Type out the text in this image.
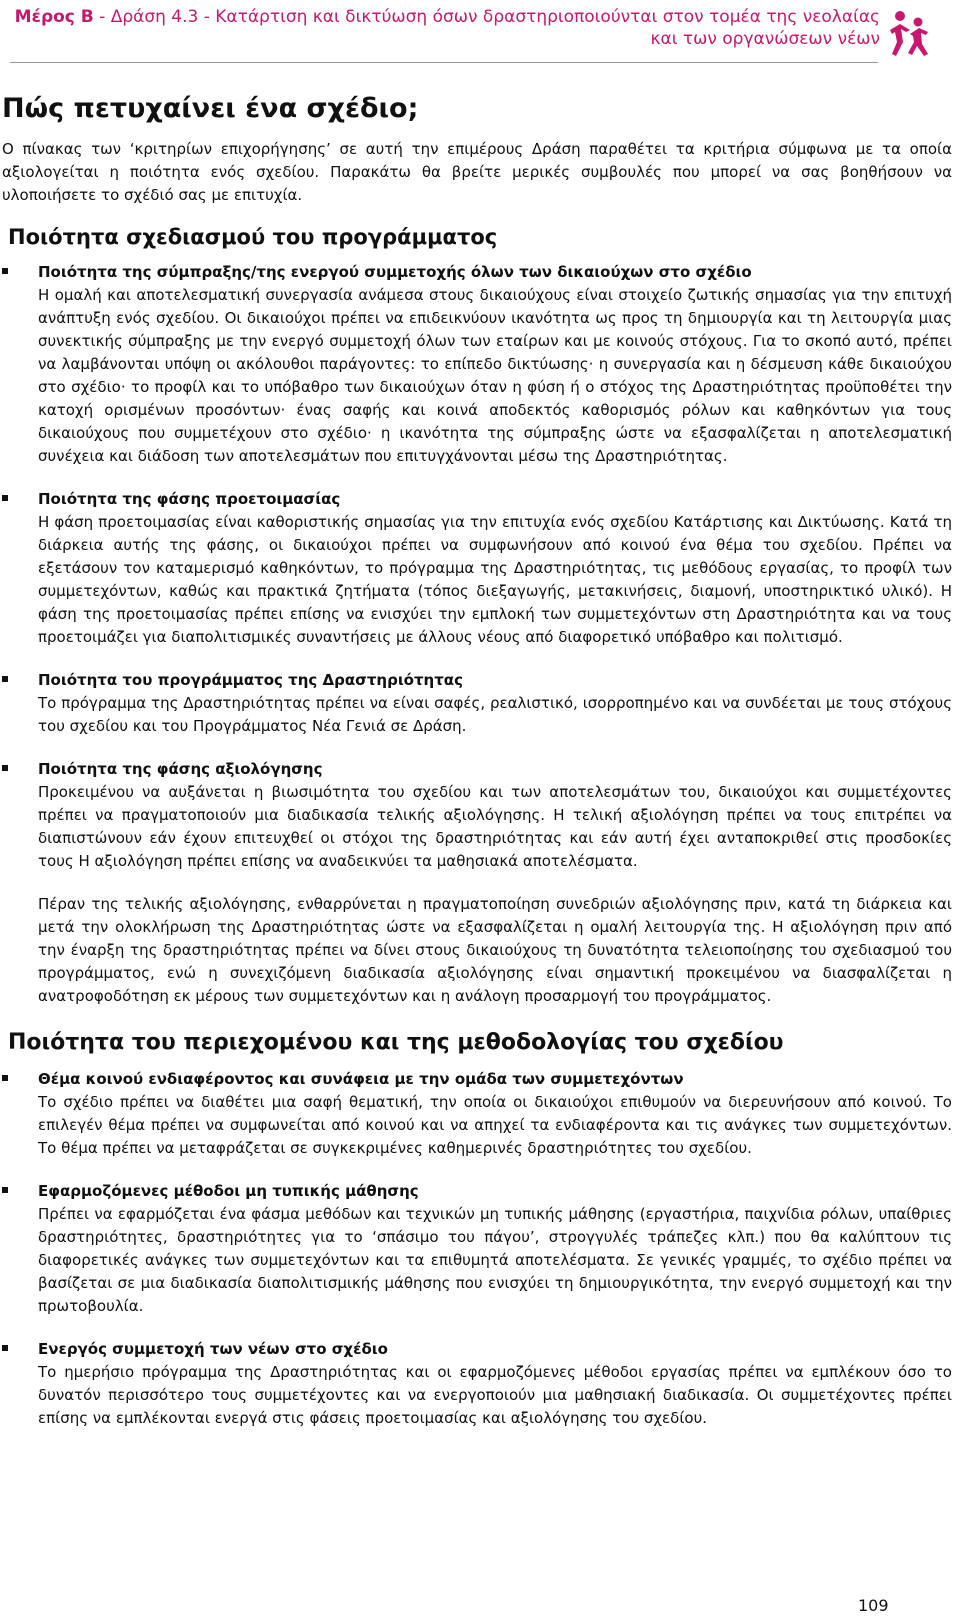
Μέρος Β - Δράση 4.3 - Κατάρτιση και δικτύωση όσων δραστηριοποιούνται στον τομέα της νεολαίας
και των οργανώσεων νέων
Πώς πετυχαίνει ένα σχέδιο;

Ο πίνακας των ‘κριτηρίων επιχορήγησης’ σε αυτή την επιμέρους Δράση παραθέτει τα κριτήρια σύμφωνα με τα οποία αξιολογείται η ποιότητα ενός σχεδίου. Παρακάτω θα βρείτε μερικές συμβουλές που μπορεί να σας βοηθήσουν να υλοποιήσετε το σχέδιό σας με επιτυχία.

Ποιότητα σχεδιασμού του προγράμματος
Ποιότητα της σύμπραξης/της ενεργού συμμετοχής όλων των δικαιούχων στο σχέδιο

Η ομαλή και αποτελεσματική συνεργασία ανάμεσα στους δικαιούχους είναι στοιχείο ζωτικής σημασίας για την επιτυχή ανάπτυξη ενός σχεδίου. Οι δικαιούχοι πρέπει να επιδεικνύουν ικανότητα ως προς τη δημιουργία και τη λειτουργία μιας συνεκτικής σύμπραξης με την ενεργό συμμετοχή όλων των εταίρων και με κοινούς στόχους. Για το σκοπό αυτό, πρέπει να λαμβάνονται υπόψη οι ακόλουθοι παράγοντες: το επίπεδο δικτύωσης· η συνεργασία και η δέσμευση κάθε δικαιούχου στο σχέδιο· το προφίλ και το υπόβαθρο των δικαιούχων όταν η φύση ή ο στόχος της Δραστηριότητας προϋποθέτει την κατοχή ορισμένων προσόντων· ένας σαφής και κοινά αποδεκτός καθορισμός ρόλων και καθηκόντων για τους δικαιούχους που συμμετέχουν στο σχέδιο· η ικανότητα της σύμπραξης ώστε να εξασφαλίζεται η αποτελεσματική συνέχεια και διάδοση των αποτελεσμάτων που επιτυγχάνονται μέσω της Δραστηριότητας.

Ποιότητα της φάσης προετοιμασίας

Η φάση προετοιμασίας είναι καθοριστικής σημασίας για την επιτυχία ενός σχεδίου Κατάρτισης και Δικτύωσης. Κατά τη διάρκεια αυτής της φάσης, οι δικαιούχοι πρέπει να συμφωνήσουν από κοινού ένα θέμα του σχεδίου. Πρέπει να εξετάσουν τον καταμερισμό καθηκόντων, το πρόγραμμα της Δραστηριότητας, τις μεθόδους εργασίας, το προφίλ των συμμετεχόντων, καθώς και πρακτικά ζητήματα (τόπος διεξαγωγής, μετακινήσεις, διαμονή, υποστηρικτικό υλικό). Η φάση της προετοιμασίας πρέπει επίσης να ενισχύει την εμπλοκή των συμμετεχόντων στη Δραστηριότητα και να τους προετοιμάζει για διαπολιτισμικές συναντήσεις με άλλους νέους από διαφορετικό υπόβαθρο και πολιτισμό.

Ποιότητα του προγράμματος της Δραστηριότητας

Το πρόγραμμα της Δραστηριότητας πρέπει να είναι σαφές, ρεαλιστικό, ισορροπημένο και να συνδέεται με τους στόχους του σχεδίου και του Προγράμματος Νέα Γενιά σε Δράση.

Ποιότητα της φάσης αξιολόγησης

Προκειμένου να αυξάνεται η βιωσιμότητα του σχεδίου και των αποτελεσμάτων του, δικαιούχοι και συμμετέχοντες πρέπει να πραγματοποιούν μια διαδικασία τελικής αξιολόγησης. Η τελική αξιολόγηση πρέπει να τους επιτρέπει να διαπιστώνουν εάν έχουν επιτευχθεί οι στόχοι της δραστηριότητας και εάν αυτή έχει ανταποκριθεί στις προσδοκίες τους Η αξιολόγηση πρέπει επίσης να αναδεικνύει τα μαθησιακά αποτελέσματα.

Πέραν της τελικής αξιολόγησης, ενθαρρύνεται η πραγματοποίηση συνεδριών αξιολόγησης πριν, κατά τη διάρκεια και μετά την ολοκλήρωση της Δραστηριότητας ώστε να εξασφαλίζεται η ομαλή λειτουργία της. Η αξιολόγηση πριν από την έναρξη της δραστηριότητας πρέπει να δίνει στους δικαιούχους τη δυνατότητα τελειοποίησης του σχεδιασμού του προγράμματος, ενώ η συνεχιζόμενη διαδικασία αξιολόγησης είναι σημαντική προκειμένου να διασφαλίζεται η ανατροφοδότηση εκ μέρους των συμμετεχόντων και η ανάλογη προσαρμογή του προγράμματος.

Ποιότητα του περιεχομένου και της μεθοδολογίας του σχεδίου
Θέμα κοινού ενδιαφέροντος και συνάφεια με την ομάδα των συμμετεχόντων

Το σχέδιο πρέπει να διαθέτει μια σαφή θεματική, την οποία οι δικαιούχοι επιθυμούν να διερευνήσουν από κοινού. Το επιλεγέν θέμα πρέπει να συμφωνείται από κοινού και να απηχεί τα ενδιαφέροντα και τις ανάγκες των συμμετεχόντων. Το θέμα πρέπει να μεταφράζεται σε συγκεκριμένες καθημερινές δραστηριότητες του σχεδίου.

Εφαρμοζόμενες μέθοδοι μη τυπικής μάθησης

Πρέπει να εφαρμόζεται ένα φάσμα μεθόδων και τεχνικών μη τυπικής μάθησης (εργαστήρια, παιχνίδια ρόλων, υπαίθριες δραστηριότητες, δραστηριότητες για το ‘σπάσιμο του πάγου’, στρογγυλές τράπεζες κλπ.) που θα καλύπτουν τις διαφορετικές ανάγκες των συμμετεχόντων και τα επιθυμητά αποτελέσματα. Σε γενικές γραμμές, το σχέδιο πρέπει να βασίζεται σε μια διαδικασία διαπολιτισμικής μάθησης που ενισχύει τη δημιουργικότητα, την ενεργό συμμετοχή και την πρωτοβουλία.

Ενεργός συμμετοχή των νέων στο σχέδιο

Το ημερήσιο πρόγραμμα της Δραστηριότητας και οι εφαρμοζόμενες μέθοδοι εργασίας πρέπει να εμπλέκουν όσο το δυνατόν περισσότερο τους συμμετέχοντες και να ενεργοποιούν μια μαθησιακή διαδικασία. Οι συμμετέχοντες πρέπει επίσης να εμπλέκονται ενεργά στις φάσεις προετοιμασίας και αξιολόγησης του σχεδίου.

109
